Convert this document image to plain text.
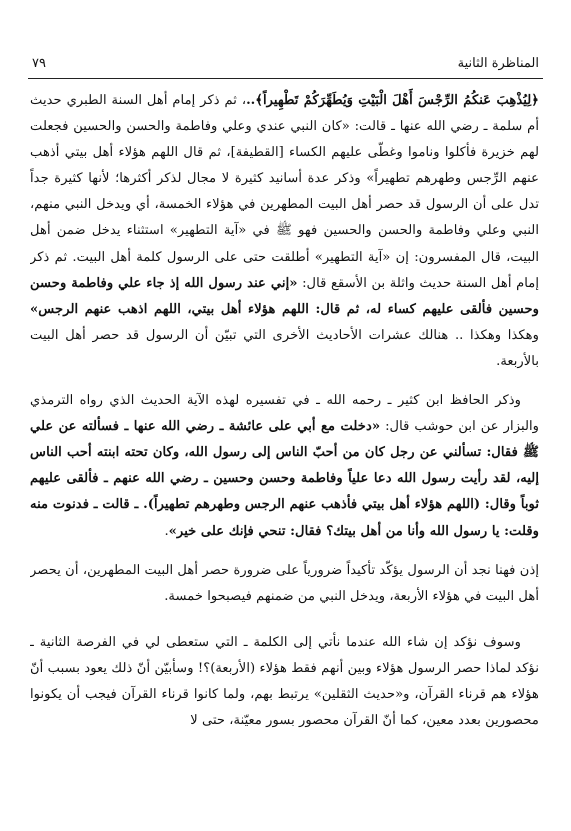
المناظرة الثانية
٧٩

﴿لِيُذْهِبَ عَنكُمُ الرِّجْسَ أَهْلَ الْبَيْتِ وَيُطَهِّرَكُمْ تَطْهِيراً﴾..، ثم ذكر إمام أهل السنة الطبري حديث أم سلمة ـ رضي الله عنها ـ قالت: «كان النبي عندي وعلي وفاطمة والحسن والحسين فجعلت لهم خزيرة فأكلوا وناموا وغطّى عليهم الكساء [القطيفة]، ثم قال اللهم هؤلاء أهل بيتي أذهب عنهم الرِّجس وطهرهم تطهيراً» وذكر عدة أسانيد كثيرة لا مجال لذكر أكثرها؛ لأنها كثيرة جداً تدل على أن الرسول قد حصر أهل البيت المطهرين في هؤلاء الخمسة، أي ويدخل النبي منهم، النبي وعلي وفاطمة والحسن والحسين فهو ﷺ في «آية التطهير» استثناء يدخل ضمن أهل البيت، قال المفسرون: إن «آية التطهير» أطلقت حتى على الرسول كلمة أهل البيت. ثم ذكر إمام أهل السنة حديث واثلة بن الأسقع قال: «إني عند رسول الله إذ جاء علي وفاطمة وحسن وحسين فألقى عليهم كساء له، ثم قال: اللهم هؤلاء أهل بيتي، اللهم اذهب عنهم الرجس» وهكذا وهكذا .. هنالك عشرات الأحاديث الأخرى التي تبيّن أن الرسول قد حصر أهل البيت بالأربعة.

وذكر الحافظ ابن كثير ـ رحمه الله ـ في تفسيره لهذه الآية الحديث الذي رواه الترمذي والبزار عن ابن حوشب قال: «دخلت مع أبي على عائشة ـ رضي الله عنها ـ فسألته عن علي ﷺ فقال: تسألني عن رجل كان من أحبّ الناس إلى رسول الله، وكان تحته ابنته أحب الناس إليه، لقد رأيت رسول الله دعا علياً وفاطمة وحسن وحسين ـ رضي الله عنهم ـ فألقى عليهم ثوباً وقال: (اللهم هؤلاء أهل بيتي فأذهب عنهم الرجس وطهرهم تطهيراً). ـ قالت ـ فدنوت منه وقلت: يا رسول الله وأنا من أهل بيتك؟ فقال: تنحي فإنك على خير».

إذن فهنا نجد أن الرسول يؤكّد تأكيداً ضرورياً على ضرورة حصر أهل البيت المطهرين، أن يحصر أهل البيت في هؤلاء الأربعة، ويدخل النبي من ضمنهم فيصبحوا خمسة.

وسوف نؤكد إن شاء الله عندما نأتي إلى الكلمة ـ التي ستعطى لي في الفرصة الثانية ـ نؤكد لماذا حصر الرسول هؤلاء وبين أنهم فقط هؤلاء (الأربعة)؟! وسأبيّن أنّ ذلك يعود بسبب أنّ هؤلاء هم قرناء القرآن، و«حديث الثقلين» يرتبط بهم، ولما كانوا قرناء القرآن فيجب أن يكونوا محصورين بعدد معين، كما أنّ القرآن محصور بسور معيّنة، حتى لا
